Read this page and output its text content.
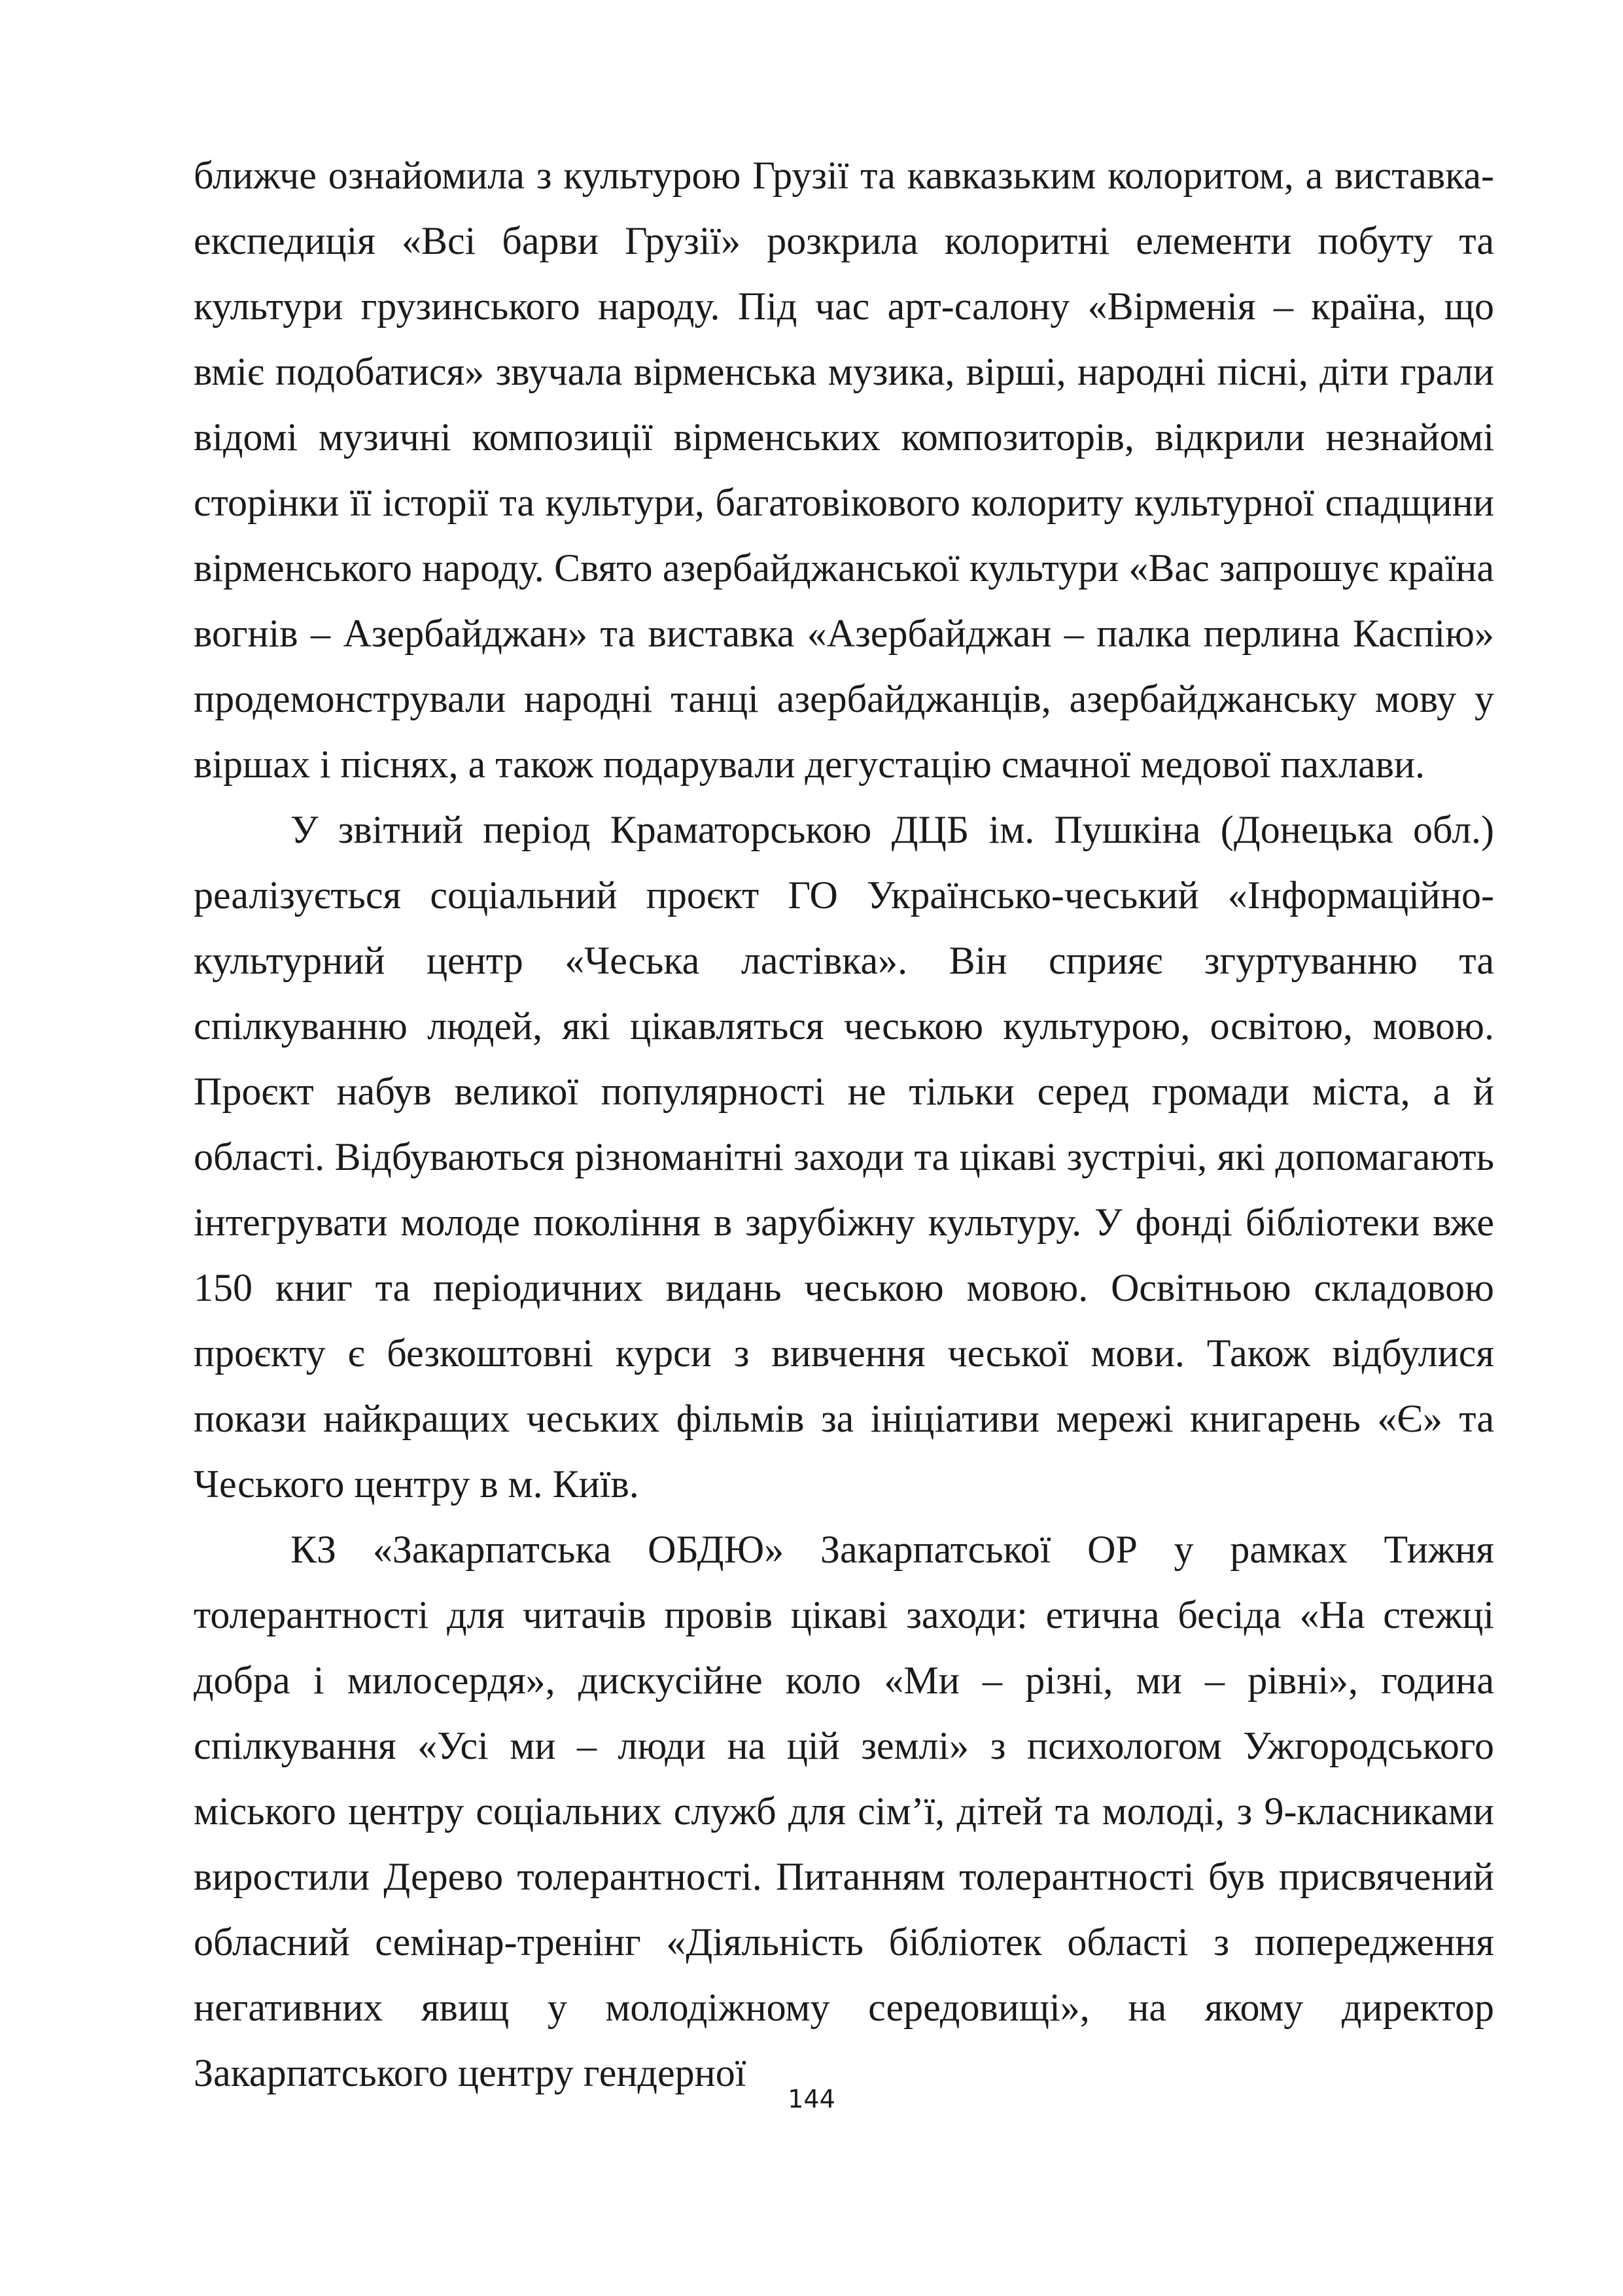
ближче ознайомила з культурою Грузії та кавказьким колоритом, а виставка-експедиція «Всі барви Грузії» розкрила колоритні елементи побуту та культури грузинського народу. Під час арт-салону «Вірменія – країна, що вміє подобатися» звучала вірменська музика, вірші, народні пісні, діти грали відомі музичні композиції вірменських композиторів, відкрили незнайомі сторінки її історії та культури, багатовікового колориту культурної спадщини вірменського народу. Свято азербайджанської культури «Вас запрошує країна вогнів – Азербайджан» та виставка «Азербайджан – палка перлина Каспію» продемонстрували народні танці азербайджанців, азербайджанську мову у віршах і піснях, а також подарували дегустацію смачної медової пахлави.

У звітний період Краматорською ДЦБ ім. Пушкіна (Донецька обл.) реалізується соціальний проєкт ГО Українсько-чеський «Інформаційно-культурний центр «Чеська ластівка». Він сприяє згуртуванню та спілкуванню людей, які цікавляться чеською культурою, освітою, мовою. Проєкт набув великої популярності не тільки серед громади міста, а й області. Відбуваються різноманітні заходи та цікаві зустрічі, які допомагають інтегрувати молоде покоління в зарубіжну культуру. У фонді бібліотеки вже 150 книг та періодичних видань чеською мовою. Освітньою складовою проєкту є безкоштовні курси з вивчення чеської мови. Також відбулися покази найкращих чеських фільмів за ініціативи мережі книгарень «Є» та Чеського центру в м. Київ.

КЗ «Закарпатська ОБДЮ» Закарпатської ОР у рамках Тижня толерантності для читачів провів цікаві заходи: етична бесіда «На стежці добра і милосердя», дискусійне коло «Ми – різні, ми – рівні», година спілкування «Усі ми – люди на цій землі» з психологом Ужгородського міського центру соціальних служб для сім’ї, дітей та молоді, з 9-класниками виростили Дерево толерантності. Питанням толерантності був присвячений обласний семінар-тренінг «Діяльність бібліотек області з попередження негативних явищ у молодіжному середовищі», на якому директор Закарпатського центру гендерної

144
